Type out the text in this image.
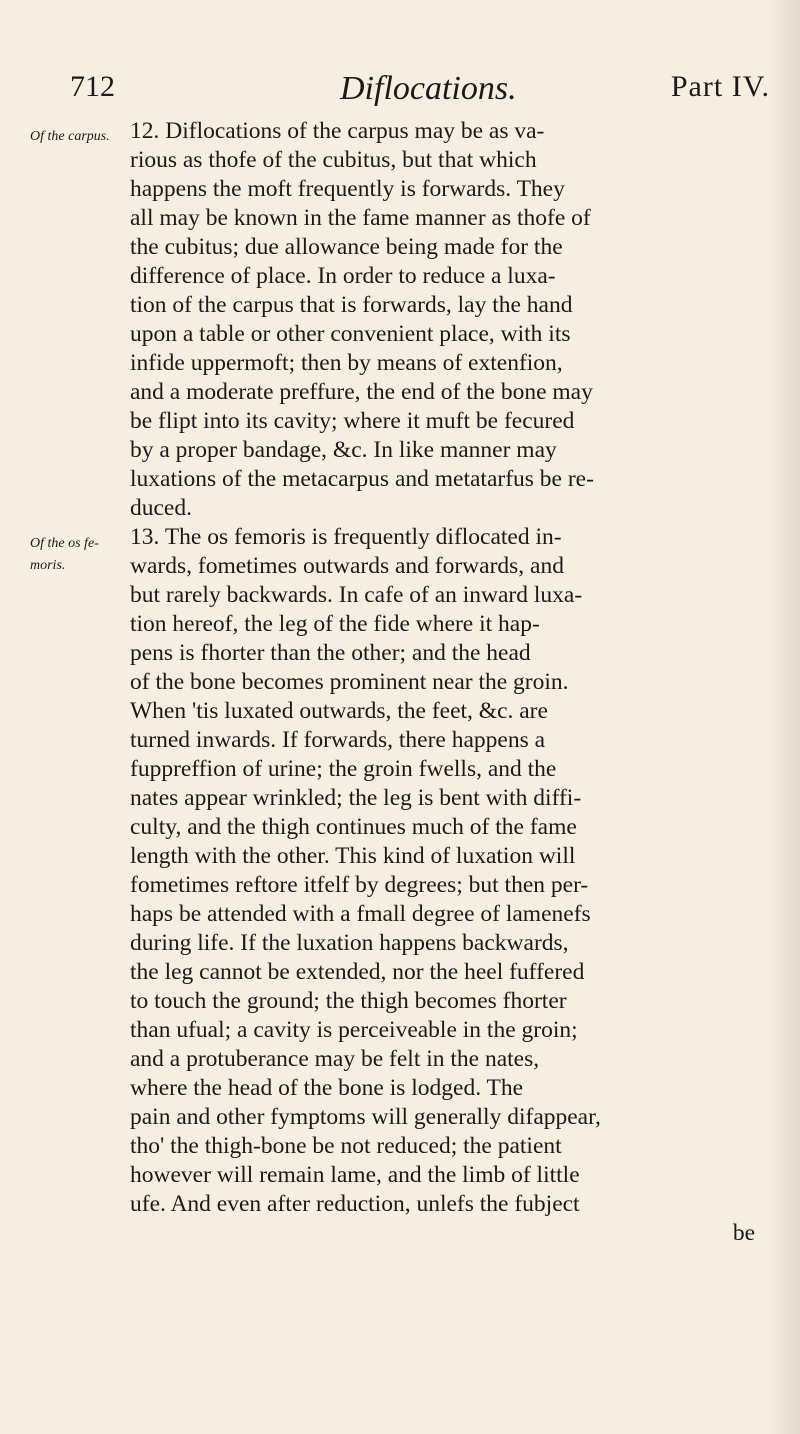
712	Diflocations.	Part IV.
Of the carpus.
Of the os fe-
moris.
12. Diflocations of the carpus may be as va-
rious as thofe of the cubitus, but that which
happens the moft frequently is forwards. They
all may be known in the fame manner as thofe of
the cubitus; due allowance being made for the
difference of place. In order to reduce a luxa-
tion of the carpus that is forwards, lay the hand
upon a table or other convenient place, with its
infide uppermoft; then by means of extenfion,
and a moderate preffure, the end of the bone may
be flipt into its cavity; where it muft be fecured
by a proper bandage, &c. In like manner may
luxations of the metacarpus and metatarfus be re-
duced.
13. The os femoris is frequently diflocated in-
wards, fometimes outwards and forwards, and
but rarely backwards. In cafe of an inward luxa-
tion hereof, the leg of the fide where it hap-
pens is fhorter than the other; and the head
of the bone becomes prominent near the groin.
When 'tis luxated outwards, the feet, &c. are
turned inwards. If forwards, there happens a
fuppreffion of urine; the groin fwells, and the
nates appear wrinkled; the leg is bent with diffi-
culty, and the thigh continues much of the fame
length with the other. This kind of luxation will
fometimes reftore itfelf by degrees; but then per-
haps be attended with a fmall degree of lamenefs
during life. If the luxation happens backwards,
the leg cannot be extended, nor the heel fuffered
to touch the ground; the thigh becomes fhorter
than ufual; a cavity is perceiveable in the groin;
and a protuberance may be felt in the nates,
where the head of the bone is lodged. The
pain and other fymptoms will generally difappear,
tho' the thigh-bone be not reduced; the patient
however will remain lame, and the limb of little
ufe. And even after reduction, unlefs the fubject
be
